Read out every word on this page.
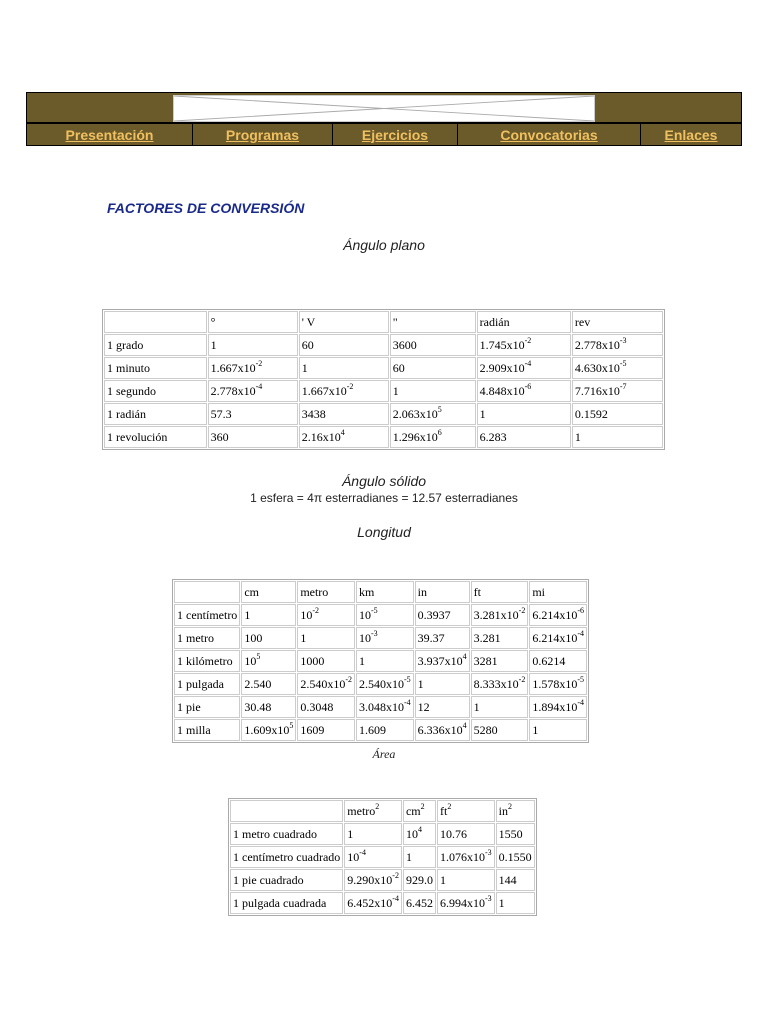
Presentación	Programas	Ejercicios	Convocatorias	Enlaces
FACTORES DE CONVERSIÓN
Ángulo plano
	°	' V	"	radián	rev
1 grado	1	60	3600	$1.745x10^{-2}$	$2.778x10^{-3}$
1 minuto	$1.667x10^{-2}$	1	60	$2.909x10^{-4}$	$4.630x10^{-5}$
1 segundo	$2.778x10^{-4}$	$1.667x10^{-2}$	1	$4.848x10^{-6}$	$7.716x10^{-7}$
1 radián	57.3	3438	$2.063x10^5$	1	0.1592
1 revolución	360	$2.16x10^4$	$1.296x10^6$	6.283	1
Ángulo sólido
1 esfera = 4π esterradianes = 12.57 esterradianes
Longitud
	cm	metro	km	in	ft	mi
1 centímetro	1	$10^{-2}$	$10^{-5}$	0.3937	$3.281x10^{-2}$	$6.214x10^{-6}$
1 metro	100	1	$10^{-3}$	39.37	3.281	$6.214x10^{-4}$
1 kilómetro	$10^5$	1000	1	$3.937x10^4$	3281	0.6214
1 pulgada	2.540	$2.540x10^{-2}$	$2.540x10^{-5}$	1	$8.333x10^{-2}$	$1.578x10^{-5}$
1 pie	30.48	0.3048	$3.048x10^{-4}$	12	1	$1.894x10^{-4}$
1 milla	$1.609x10^5$	1609	1.609	$6.336x10^4$	5280	1
Área
	metro$^2$	$cm^2$	$ft^2$	$in^2$
1 metro cuadrado	1	$10^4$	10.76	1550
1 centímetro cuadrado	$10^{-4}$	1	$1.076x10^{-3}$	0.1550
1 pie cuadrado	$9.290x10^{-2}$	929.0	1	144
1 pulgada cuadrada	$6.452x10^{-4}$	6.452	$6.994x10^{-3}$	1
